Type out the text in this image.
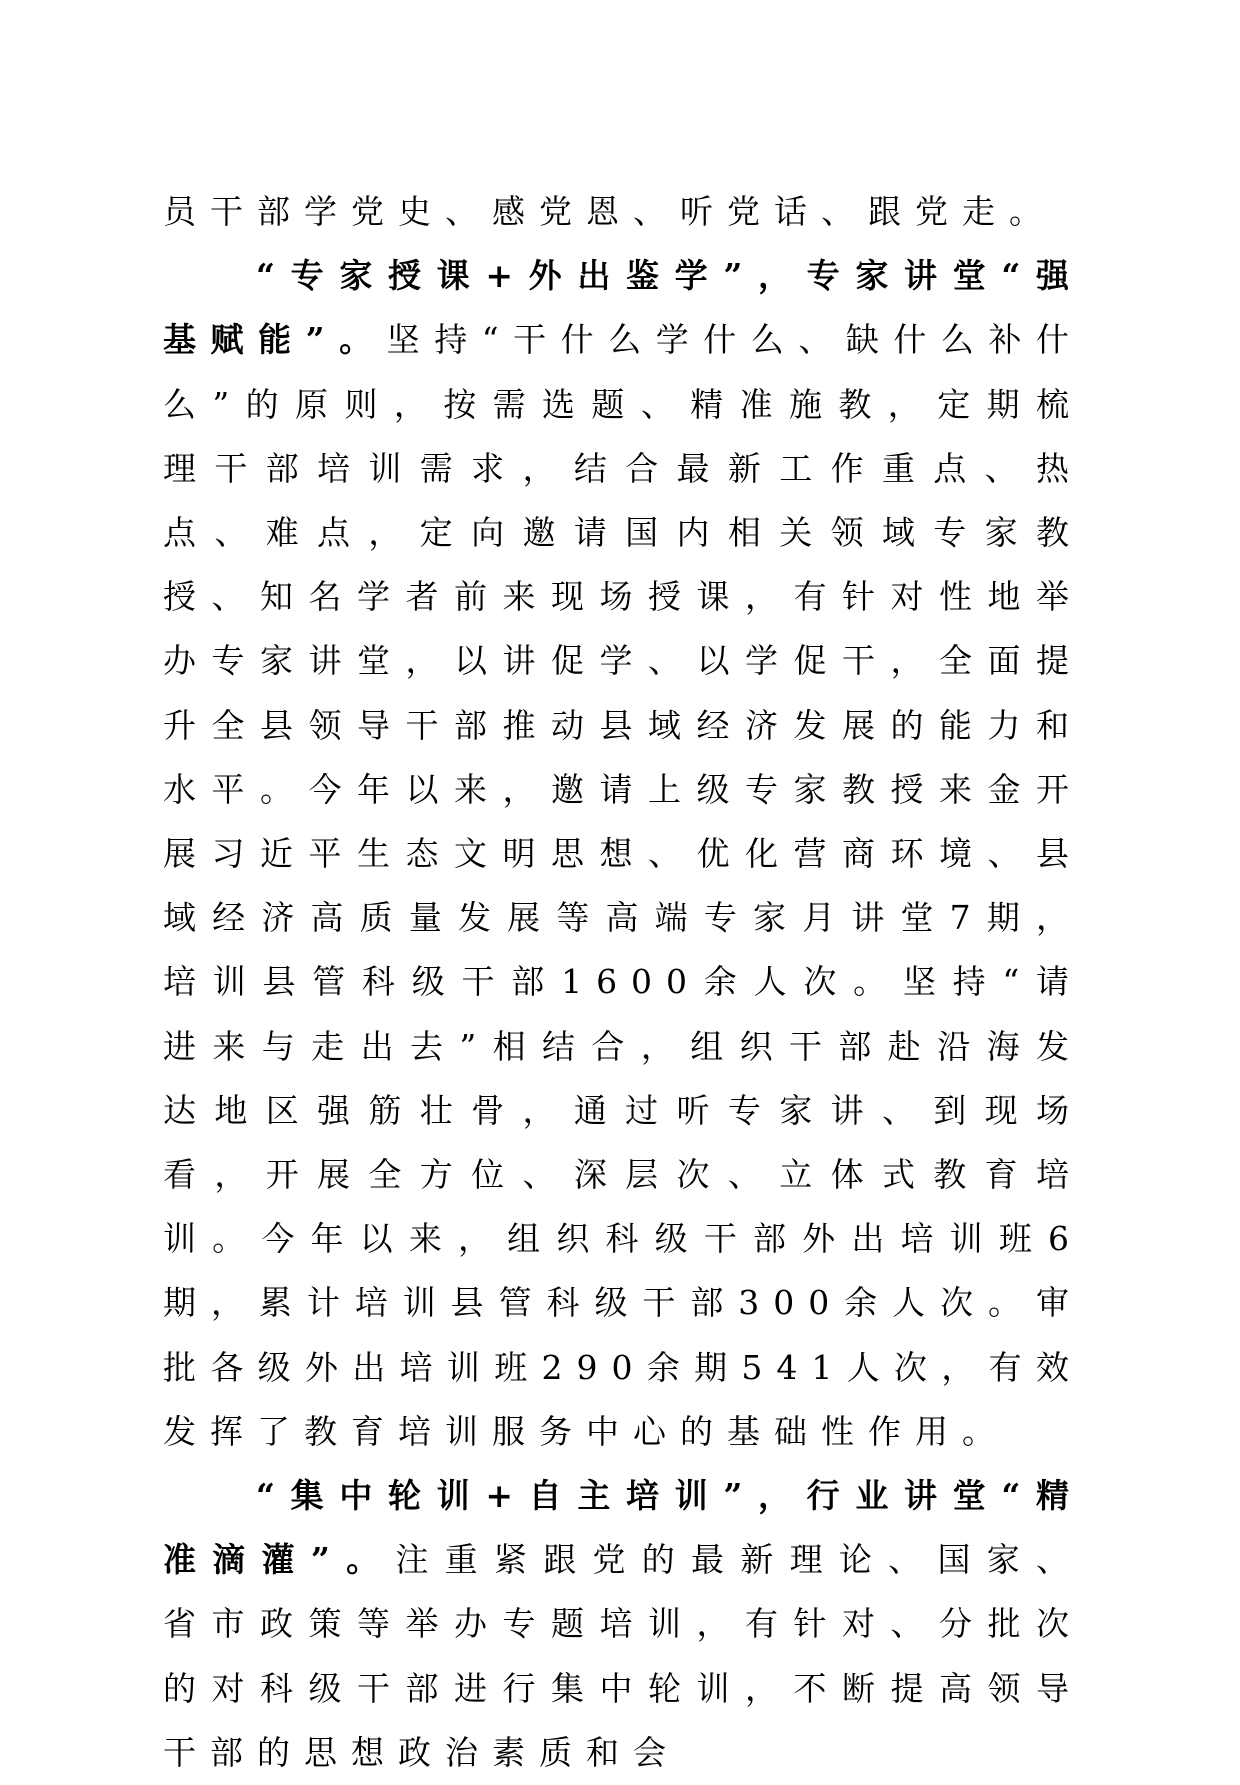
员干部学党史、感党恩、听党话、跟党走。

“专家授课+外出鉴学”，专家讲堂“强基赋能”。坚持“干什么学什么、缺什么补什么”的原则，按需选题、精准施教，定期梳理干部培训需求，结合最新工作重点、热点、难点，定向邀请国内相关领域专家教授、知名学者前来现场授课，有针对性地举办专家讲堂，以讲促学、以学促干，全面提升全县领导干部推动县域经济发展的能力和水平。今年以来，邀请上级专家教授来金开展习近平生态文明思想、优化营商环境、县域经济高质量发展等高端专家月讲堂7期，培训县管科级干部1600余人次。坚持“请进来与走出去”相结合，组织干部赴沿海发达地区强筋壮骨，通过听专家讲、到现场看，开展全方位、深层次、立体式教育培训。今年以来，组织科级干部外出培训班6期，累计培训县管科级干部300余人次。审批各级外出培训班290余期541人次，有效发挥了教育培训服务中心的基础性作用。

“集中轮训+自主培训”，行业讲堂“精准滴灌”。注重紧跟党的最新理论、国家、省市政策等举办专题培训，有针对、分批次的对科级干部进行集中轮训，不断提高领导干部的思想政治素质和会
